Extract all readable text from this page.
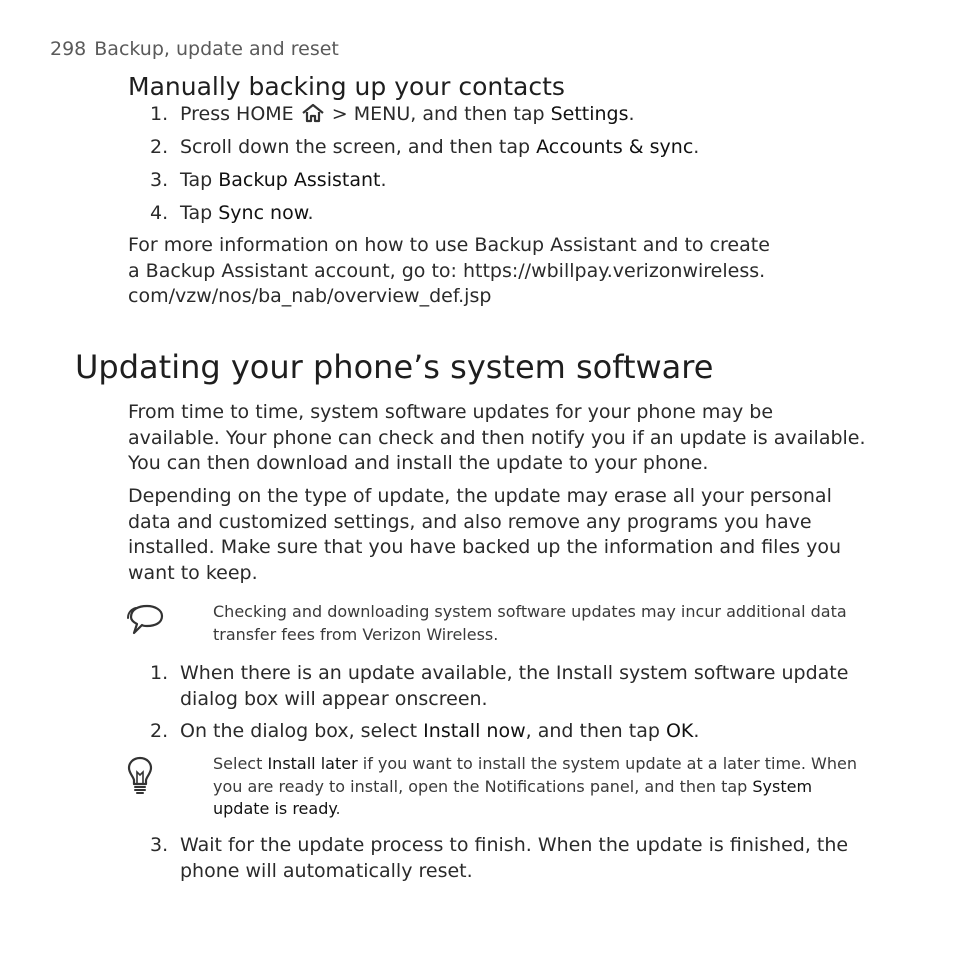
298 Backup, update and reset
Manually backing up your contacts
1. Press HOME  > MENU, and then tap Settings.
2. Scroll down the screen, and then tap Accounts & sync.
3. Tap Backup Assistant.
4. Tap Sync now.
For more information on how to use Backup Assistant and to create
a Backup Assistant account, go to: https://wbillpay.verizonwireless.
com/vzw/nos/ba_nab/overview_def.jsp
Updating your phone’s system software
From time to time, system software updates for your phone may be available. Your phone can check and then notify you if an update is available. You can then download and install the update to your phone.
Depending on the type of update, the update may erase all your personal data and customized settings, and also remove any programs you have installed. Make sure that you have backed up the information and files you want to keep.
Checking and downloading system software updates may incur additional data transfer fees from Verizon Wireless.
1. When there is an update available, the Install system software update dialog box will appear onscreen.
2. On the dialog box, select Install now, and then tap OK.
Select Install later if you want to install the system update at a later time. When you are ready to install, open the Notifications panel, and then tap System update is ready.
3. Wait for the update process to finish. When the update is finished, the phone will automatically reset.
